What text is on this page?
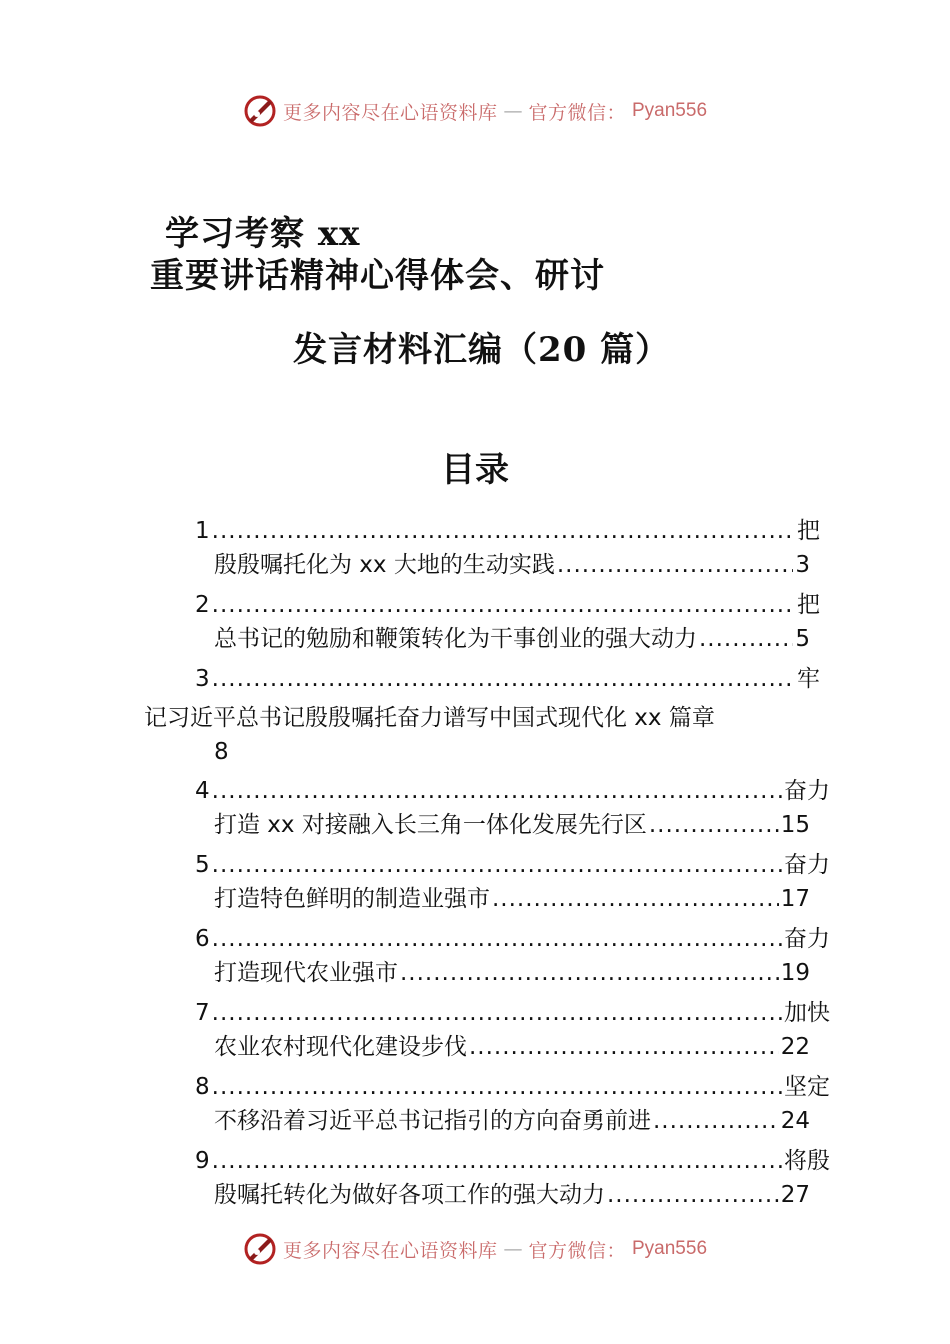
更多内容尽在心语资料库 — 官方微信： Pyan556
学习考察 xx
重要讲话精神心得体会、研讨
发言材料汇编（20 篇）
目录
1 .....	把
殷殷嘱托化为 xx 大地的生动实践 .....	3
2 .....	把
总书记的勉励和鞭策转化为干事创业的强大动力 .....	5
3 .....	牢
记习近平总书记殷殷嘱托奋力谱写中国式现代化 xx 篇章
8
4 .....	奋力
打造 xx 对接融入长三角一体化发展先行区 .....	15
5 .....	奋力
打造特色鲜明的制造业强市 .....	17
6 .....	奋力
打造现代农业强市 .....	19
7 .....	加快
农业农村现代化建设步伐 .....	22
8 .....	坚定
不移沿着习近平总书记指引的方向奋勇前进 .....	24
9 .....	将殷
殷嘱托转化为做好各项工作的强大动力 .....	27
更多内容尽在心语资料库 — 官方微信： Pyan556
